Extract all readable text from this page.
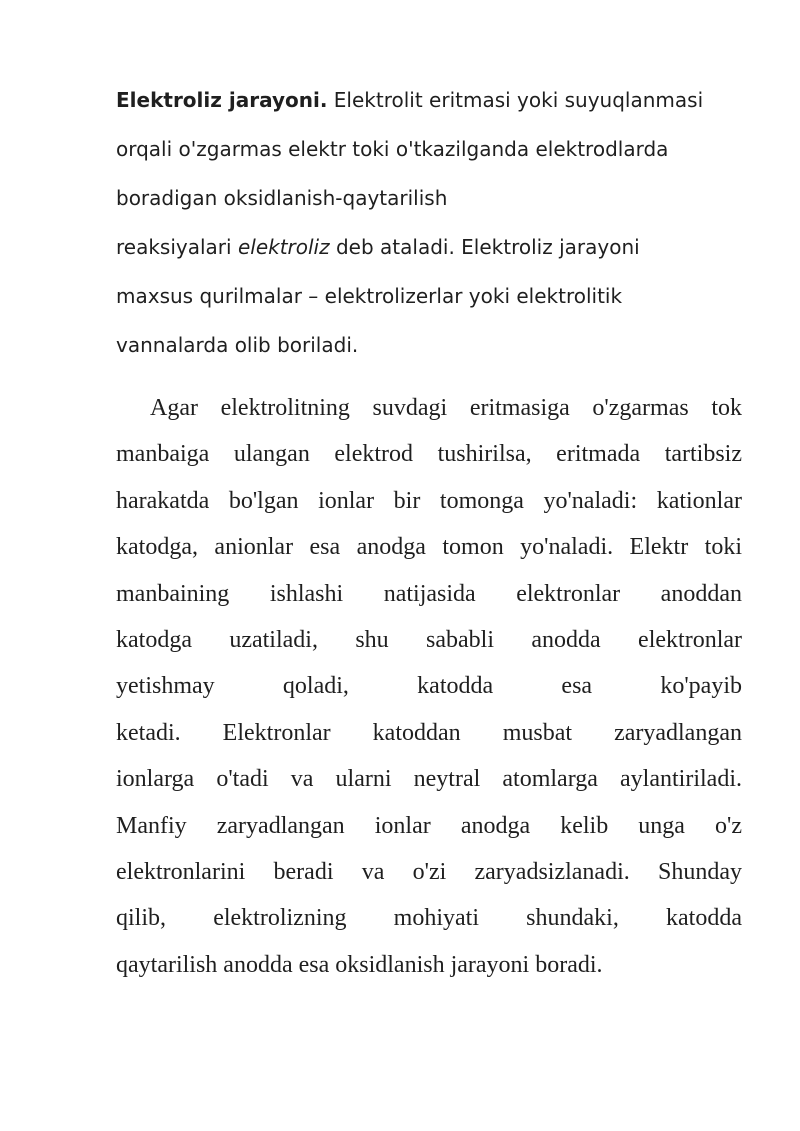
Elektroliz jarayoni. Elektrolit eritmasi yoki suyuqlanmasi
orqali o'zgarmas elektr toki o'tkazilganda elektrodlarda
boradigan oksidlanish-qaytarilish
reaksiyalari elektroliz deb ataladi. Elektroliz jarayoni
maxsus qurilmalar – elektrolizerlar yoki elektrolitik
vannalarda olib boriladi.

Agar elektrolitning suvdagi eritmasiga o'zgarmas tok
manbaiga ulangan elektrod tushirilsa, eritmada tartibsiz
harakatda bo'lgan ionlar bir tomonga yo'naladi: kationlar
katodga, anionlar esa anodga tomon yo'naladi. Elektr toki
manbaining ishlashi natijasida elektronlar anoddan
katodga uzatiladi, shu sababli anodda elektronlar
yetishmay qoladi, katodda esa ko'payib
ketadi. Elektronlar katoddan musbat zaryadlangan
ionlarga o'tadi va ularni neytral atomlarga aylantiriladi.
Manfiy zaryadlangan ionlar anodga kelib unga o'z
elektronlarini beradi va o'zi zaryadsizlanadi. Shunday
qilib, elektrolizning mohiyati shundaki, katodda
qaytarilish anodda esa oksidlanish jarayoni boradi.
